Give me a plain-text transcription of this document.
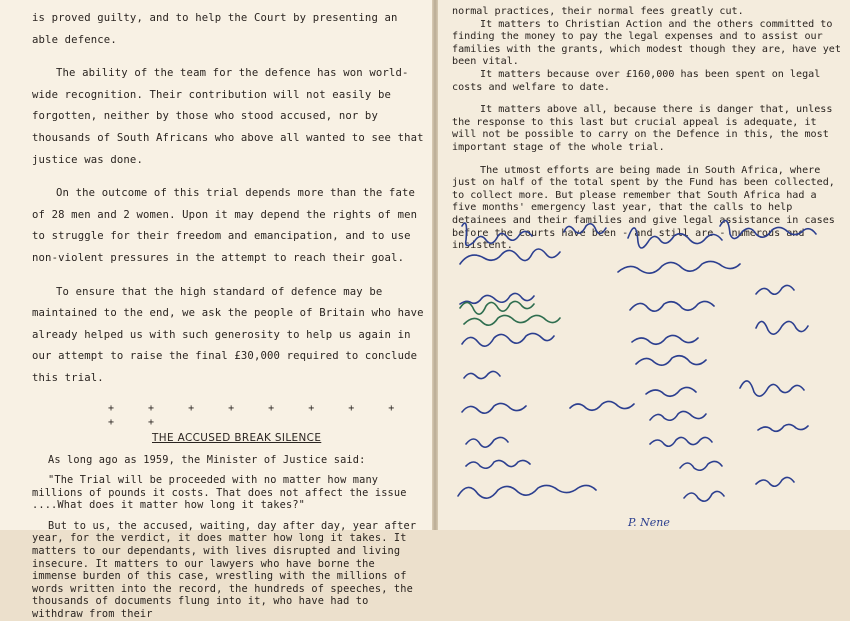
is proved guilty, and to help the Court by presenting an able defence.

The ability of the team for the defence has won world-wide recognition. Their contribution will not easily be forgotten, neither by those who stood accused, nor by thousands of South Africans who above all wanted to see that justice was done.

On the outcome of this trial depends more than the fate of 28 men and 2 women. Upon it may depend the rights of men to struggle for their freedom and emancipation, and to use non-violent pressures in the attempt to reach their goal.

To ensure that the high standard of defence may be maintained to the end, we ask the people of Britain who have already helped us with such generosity to help us again in our attempt to raise the final £30,000 required to conclude this trial.

+ + + + + + + + + +
THE ACCUSED BREAK SILENCE

As long ago as 1959, the Minister of Justice said:

"The Trial will be proceeded with no matter how many millions of pounds it costs. That does not affect the issue ....What does it matter how long it takes?"

But to us, the accused, waiting, day after day, year after year, for the verdict, it does matter how long it takes. It matters to our dependants, with lives disrupted and living insecure. It matters to our lawyers who have borne the immense burden of this case, wrestling with the millions of words written into the record, the hundreds of speeches, the thousands of documents flung into it, who have had to withdraw from their

normal practices, their normal fees greatly cut.

It matters to Christian Action and the others committed to finding the money to pay the legal expenses and to assist our families with the grants, which modest though they are, have yet been vital.

It matters because over £160,000 has been spent on legal costs and welfare to date.

It matters above all, because there is danger that, unless the response to this last but crucial appeal is adequate, it will not be possible to carry on the Defence in this, the most important stage of the whole trial.

The utmost efforts are being made in South Africa, where just on half of the total spent by the Fund has been collected, to collect more. But please remember that South Africa had a five months' emergency last year, that the calls to help detainees and their families and give legal assistance in cases before the Courts have been - and still are - numerous and insistent.

P. Nene
